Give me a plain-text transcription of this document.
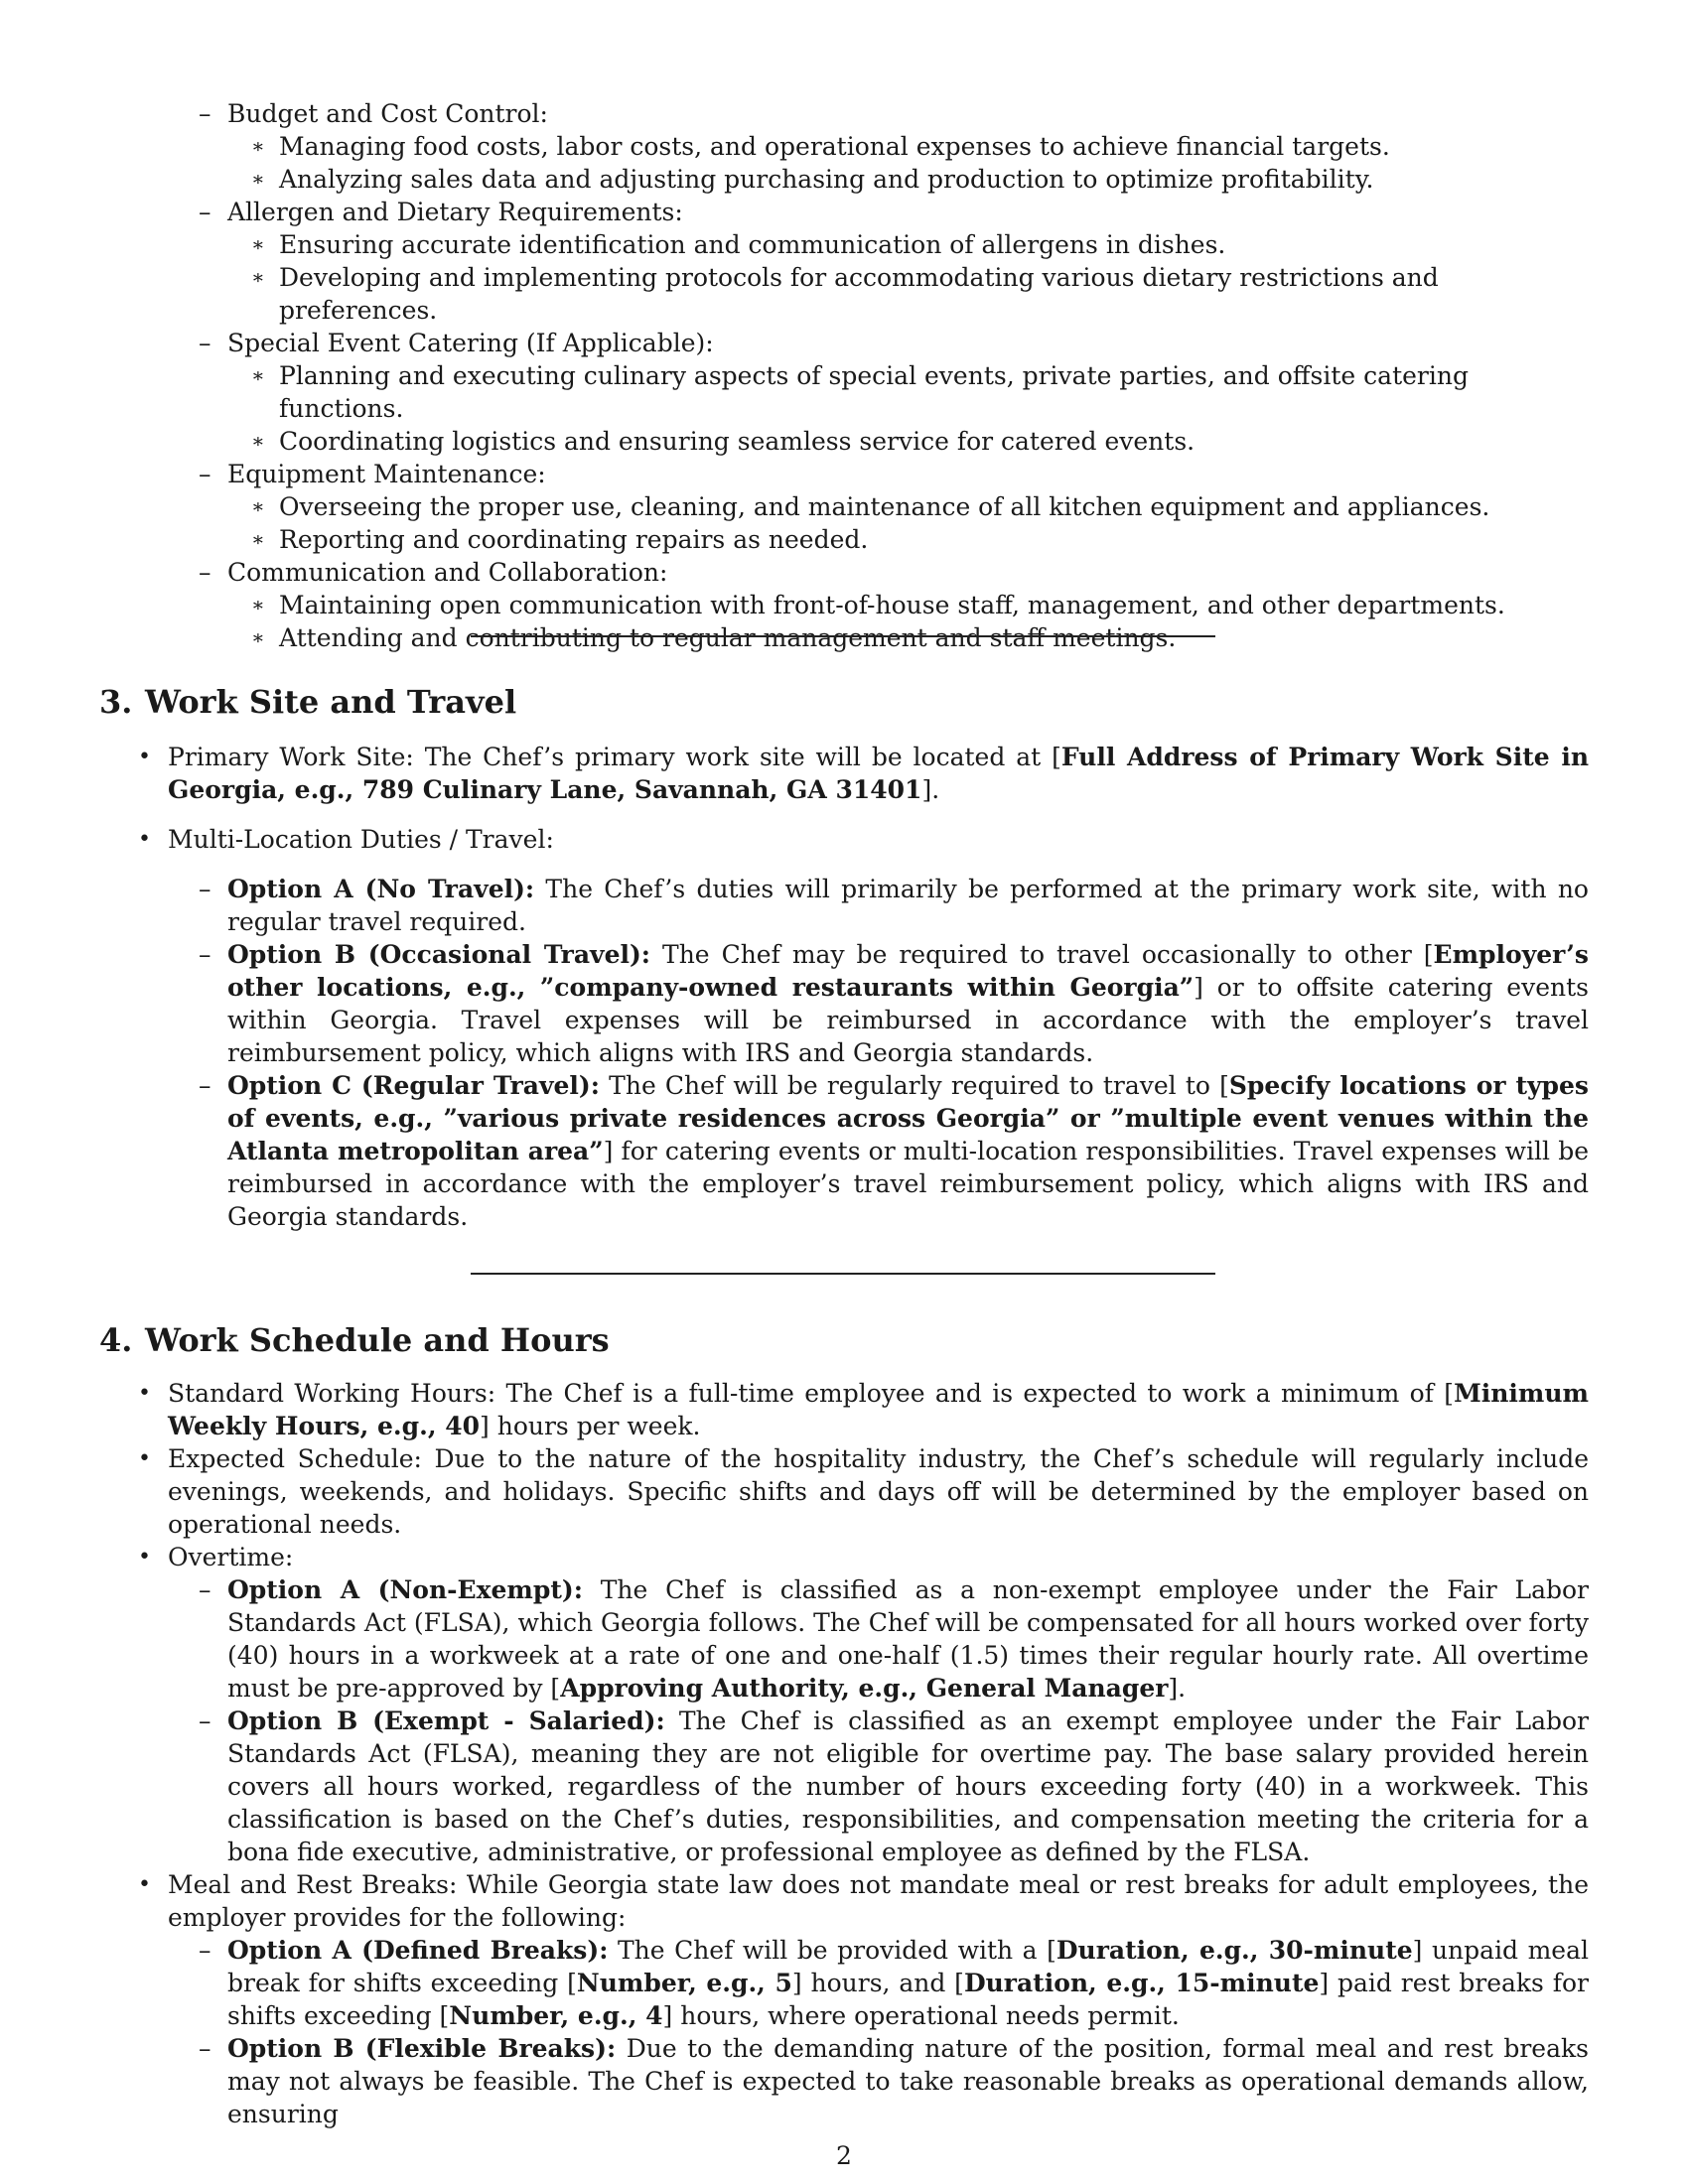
– Budget and Cost Control:
∗ Managing food costs, labor costs, and operational expenses to achieve financial targets.
∗ Analyzing sales data and adjusting purchasing and production to optimize profitability.
– Allergen and Dietary Requirements:
∗ Ensuring accurate identification and communication of allergens in dishes.
∗ Developing and implementing protocols for accommodating various dietary restrictions and preferences.
– Special Event Catering (If Applicable):
∗ Planning and executing culinary aspects of special events, private parties, and offsite catering functions.
∗ Coordinating logistics and ensuring seamless service for catered events.
– Equipment Maintenance:
∗ Overseeing the proper use, cleaning, and maintenance of all kitchen equipment and appliances.
∗ Reporting and coordinating repairs as needed.
– Communication and Collaboration:
∗ Maintaining open communication with front-of-house staff, management, and other departments.
∗ Attending and contributing to regular management and staff meetings.
3. Work Site and Travel
• Primary Work Site: The Chef’s primary work site will be located at [Full Address of Primary Work Site in Georgia, e.g., 789 Culinary Lane, Savannah, GA 31401].
• Multi-Location Duties / Travel:
– Option A (No Travel): The Chef’s duties will primarily be performed at the primary work site, with no regular travel required.
– Option B (Occasional Travel): The Chef may be required to travel occasionally to other [Employer’s other locations, e.g., ”company-owned restaurants within Georgia”] or to offsite catering events within Georgia. Travel expenses will be reimbursed in accordance with the employer’s travel reimbursement policy, which aligns with IRS and Georgia standards.
– Option C (Regular Travel): The Chef will be regularly required to travel to [Specify locations or types of events, e.g., ”various private residences across Georgia” or ”multiple event venues within the Atlanta metropolitan area”] for catering events or multi-location responsibilities. Travel expenses will be reimbursed in accordance with the employer’s travel reimbursement policy, which aligns with IRS and Georgia standards.
4. Work Schedule and Hours
• Standard Working Hours: The Chef is a full-time employee and is expected to work a minimum of [Minimum Weekly Hours, e.g., 40] hours per week.
• Expected Schedule: Due to the nature of the hospitality industry, the Chef’s schedule will regularly include evenings, weekends, and holidays. Specific shifts and days off will be determined by the employer based on operational needs.
• Overtime:
– Option A (Non-Exempt): The Chef is classified as a non-exempt employee under the Fair Labor Standards Act (FLSA), which Georgia follows. The Chef will be compensated for all hours worked over forty (40) hours in a workweek at a rate of one and one-half (1.5) times their regular hourly rate. All overtime must be pre-approved by [Approving Authority, e.g., General Manager].
– Option B (Exempt - Salaried): The Chef is classified as an exempt employee under the Fair Labor Standards Act (FLSA), meaning they are not eligible for overtime pay. The base salary provided herein covers all hours worked, regardless of the number of hours exceeding forty (40) in a workweek. This classification is based on the Chef’s duties, responsibilities, and compensation meeting the criteria for a bona fide executive, administrative, or professional employee as defined by the FLSA.
• Meal and Rest Breaks: While Georgia state law does not mandate meal or rest breaks for adult employees, the employer provides for the following:
– Option A (Defined Breaks): The Chef will be provided with a [Duration, e.g., 30-minute] unpaid meal break for shifts exceeding [Number, e.g., 5] hours, and [Duration, e.g., 15-minute] paid rest breaks for shifts exceeding [Number, e.g., 4] hours, where operational needs permit.
– Option B (Flexible Breaks): Due to the demanding nature of the position, formal meal and rest breaks may not always be feasible. The Chef is expected to take reasonable breaks as operational demands allow, ensuring
2
